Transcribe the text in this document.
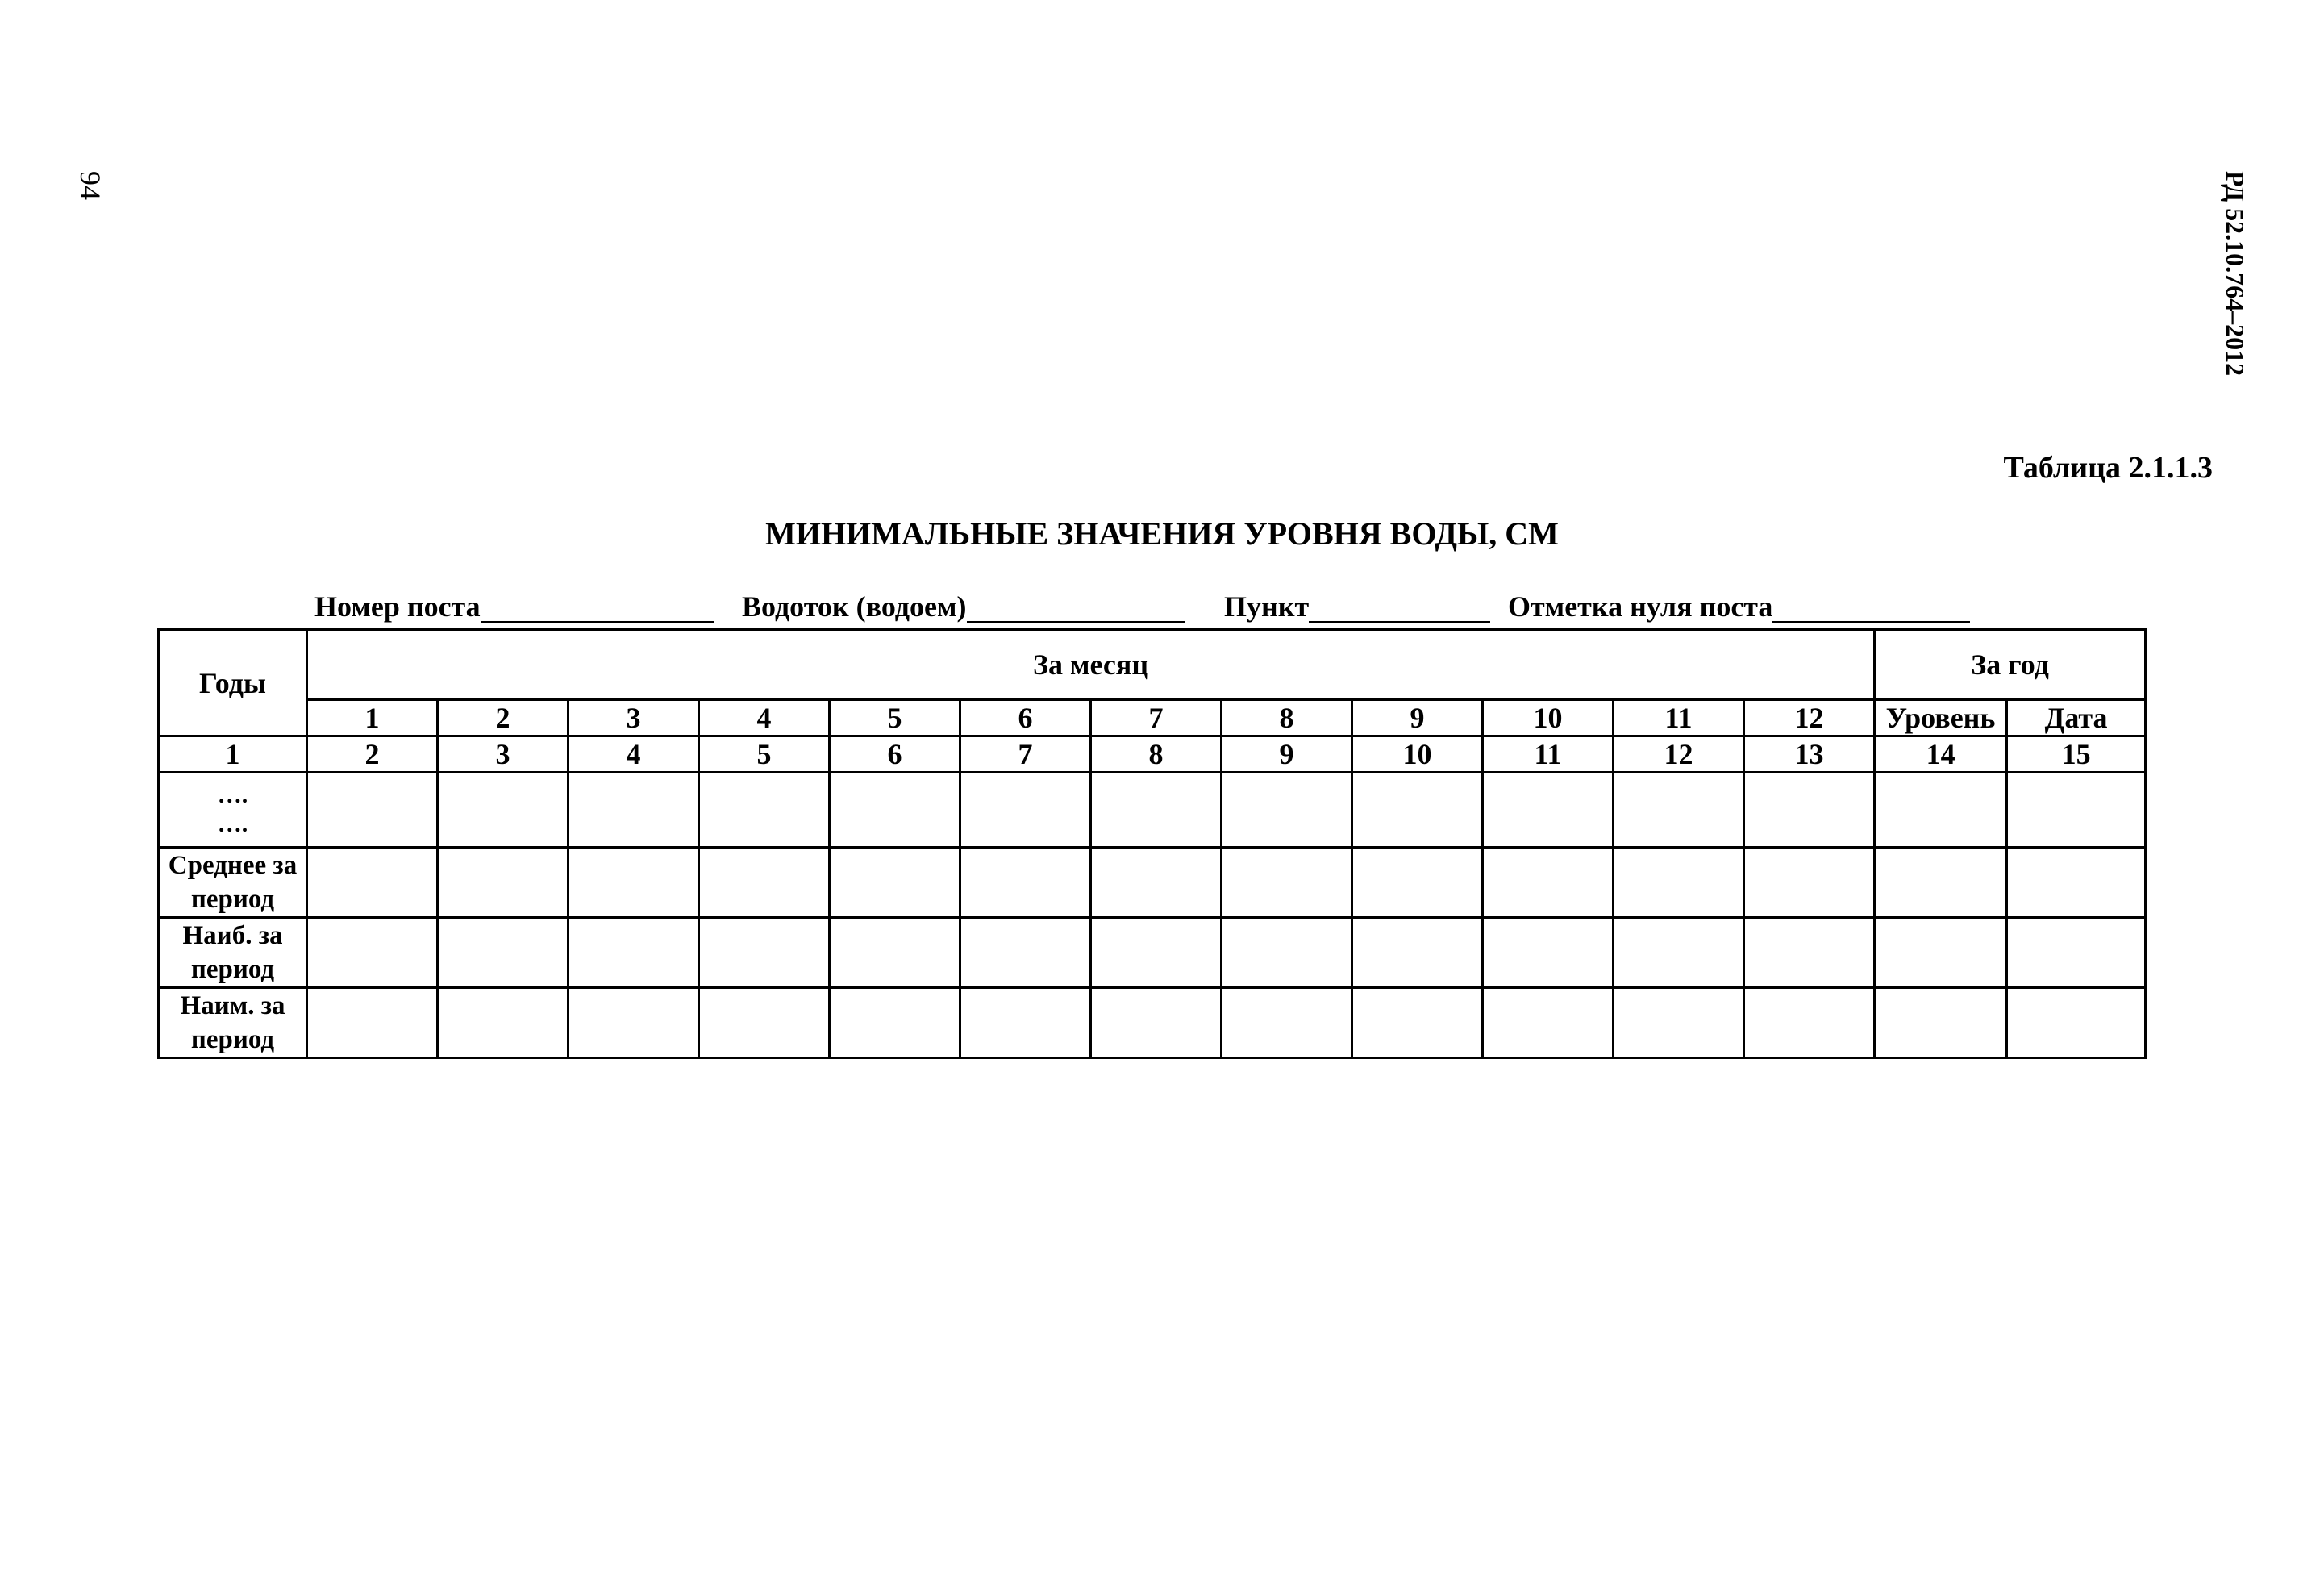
94	РД 52.10.764–2012
Таблица 2.1.1.3
МИНИМАЛЬНЫЕ ЗНАЧЕНИЯ УРОВНЯ ВОДЫ, СМ
Номер поста	Водоток (водоем)	Пункт	Отметка нуля поста
Годы	За месяц												За год	
	1	2	3	4	5	6	7	8	9	10	11	12	Уровень	Дата
1	2	3	4	5	6	7	8	9	10	11	12	13	14	15

….
….														

Среднее за
период														

Наиб. за
период														

Наим. за
период														
